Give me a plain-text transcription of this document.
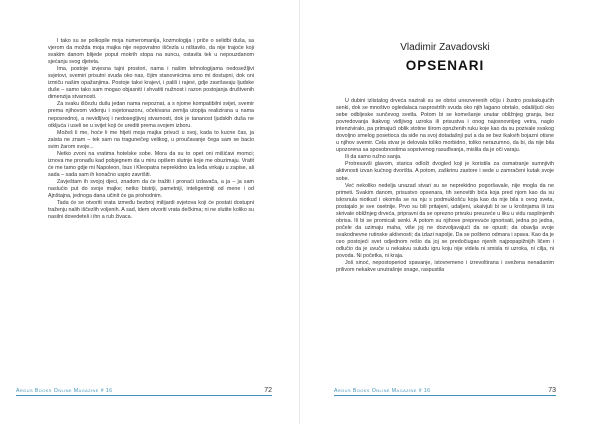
I tako su se polkopile moja numeromanija, kozmologija i priče o selidbi duša, sa vjerom da možda moja majka nije nepovratno iščezla u ništavilo, da nije trajoće koji svakim danom blijede poput mokrih stopa na suncu, ostavila tek u nepouzdanom sjećanju svog djeteta.

Ima, postoje izvjesna tajni prostori, nama i našim tehnologijama nedosežljivi svjetovi, svemiri prisutni svuda oko nas, čijim stanovnicima smo mi dostupni, dok oni izmiču našim opažanjima. Postoje takvi krajevi, i palili i rajevi, gdje završavaju ljudske duše – samo tako sam mogao objasniti i shvatiti nužnost i razon postojanja društvenih dimenzija stvarnosti.

Za svaku iščezlu dušu jedan nama nepoznat, a s njome kompatibilni svijet, svemir prema njihovom viđenju i svjetonazoru, očekivana zemlja utopija realizirana u nama neposrednoj, a nevidljivoj i nedosegljivoj stvarnosti, dok je tananost ljudskih duša ne otkljuća i useli se u svijet koji će urediti prema svojem izboru.

Možeš li me, hoće li me htjeti moja majka privući u svoj, kada to kucne čas, ja zaista ne znam – tek sam na tragunečeg velikog, u proučavanje čega sam se bacio svim žarom svoje...

Netko zvoni na vratima hotelske sobe. Mora da su to opet oni mišićavi momci; iznova me pronađu kad pobjegnem da u miru opišem slutnje koje me obuzimaju. Vratit će me tamo gdje mi Napoleon, Isus i Kleopatra neprekidno iza leđa virkaju u zapise, ali sada – sada sam ih konačno uspio zavrišiti.

Zavještam ih svojoj djeci, znadom da će tražiti i pronaći izdavača, a ja – ja sam naslućio put do svoje majke; netko bistriji, pametniji, inteligentniji od mene i od Ajnštajna, jednoga dana učinit će ga prohodnim.

Tada će se otvoriti vrata između bezbroj milijardi svjetova koji će postati dostupni traženju nalih iščezlih voljenih. A sad, idem otvoriti vrata dečkima; ni ne slutite koliko su nasilni dovedeteli i ihn a rub živaca.

Argus Books Online Magazine # 16	72
Vladimir Zavadovski
OPSENARI

U dubini izlistalog drveća nazirali su se obrisi unezverenih očiju i žustro poskakujućih senki, dok se mnoštvo ogledalaca rasprostrlih svuda oko njih lagano obrtalo, odašiljući oko sebe odbljeske sunčevog svetla. Potom bi se komešanje unutar obližnjeg granja, bez povredovanja ikakvog vidljivog uzroka ili prisustva i onog najosnovnijeg vetra, naglo intenziviralo, pa primajući oblik stotine širom opruženih ruku koje kao da su pozivale svakog dovoljno smelog posetioca da siđe na svoj dotadašnji put a da se bez ikakvih bojazni otisne u njihov svemir. Cela stvar je delovala toliko morbidno, toliko nerazumno, da bi, da nije bila upozorena sa sposobnostima sopstvenog rasuđivanja, mislila da je oči varaju.

Ili da samo ružno sanja.

Protresavši glavom, starica odloži dvogled koji je koristila za osmatranje sumnjivih aktivnosti izvan kućnog dvorišta. A potom, zaškrinu zastore i sede u zamračeni kutak svoje sobe.

Već nekoliko nedelja unazad stvari su se neprekidno pogoršavale, nije mogla da ne primeti. Svakim danom, prisustvo opsenara, tih senovitih bića koja pred njom kao da su iskrsnula niotkud i okomila se na nju s podmuklošću koja kao da nije bila s ovog sveta, postajalo je sve osetnije. Prvo su bili pritajeni, udaljeni, ukaivjuli bi se u krošnjama ili iza skrivale obližnjeg drveća, pripravni da se oprezno privuku preuzeće u liku u vidu rasplinjenih obrisa. Ili bi se promicali senki. A potom su njihove preprevuće ignorisati, jedna po jedna, počele da uzimaju maha, više joj ne dozvoljavajući da se opusti; da obavlja svoje svakodnevne rutinske aktivnosti; da izlazi napolje. Da se pošteno odmara i spava. Kao da je ceo postojeći svet odjednom rešio da joj se predočiugao njenih najpopapižnijih ličem i odlučio da je uvuče u nekakvu suludu igru koju nije videla ni smisla ni uzroka, ni cilja, ni povoda. Ni početka, ni kraja.

Još sinoć, nepostoperiod spavanje, istovremeno i izrevoltirana i svežena nenadanim prilivom nekakve unutrašnje snage, raspustila

Argus Books Online Magazine # 16	73
